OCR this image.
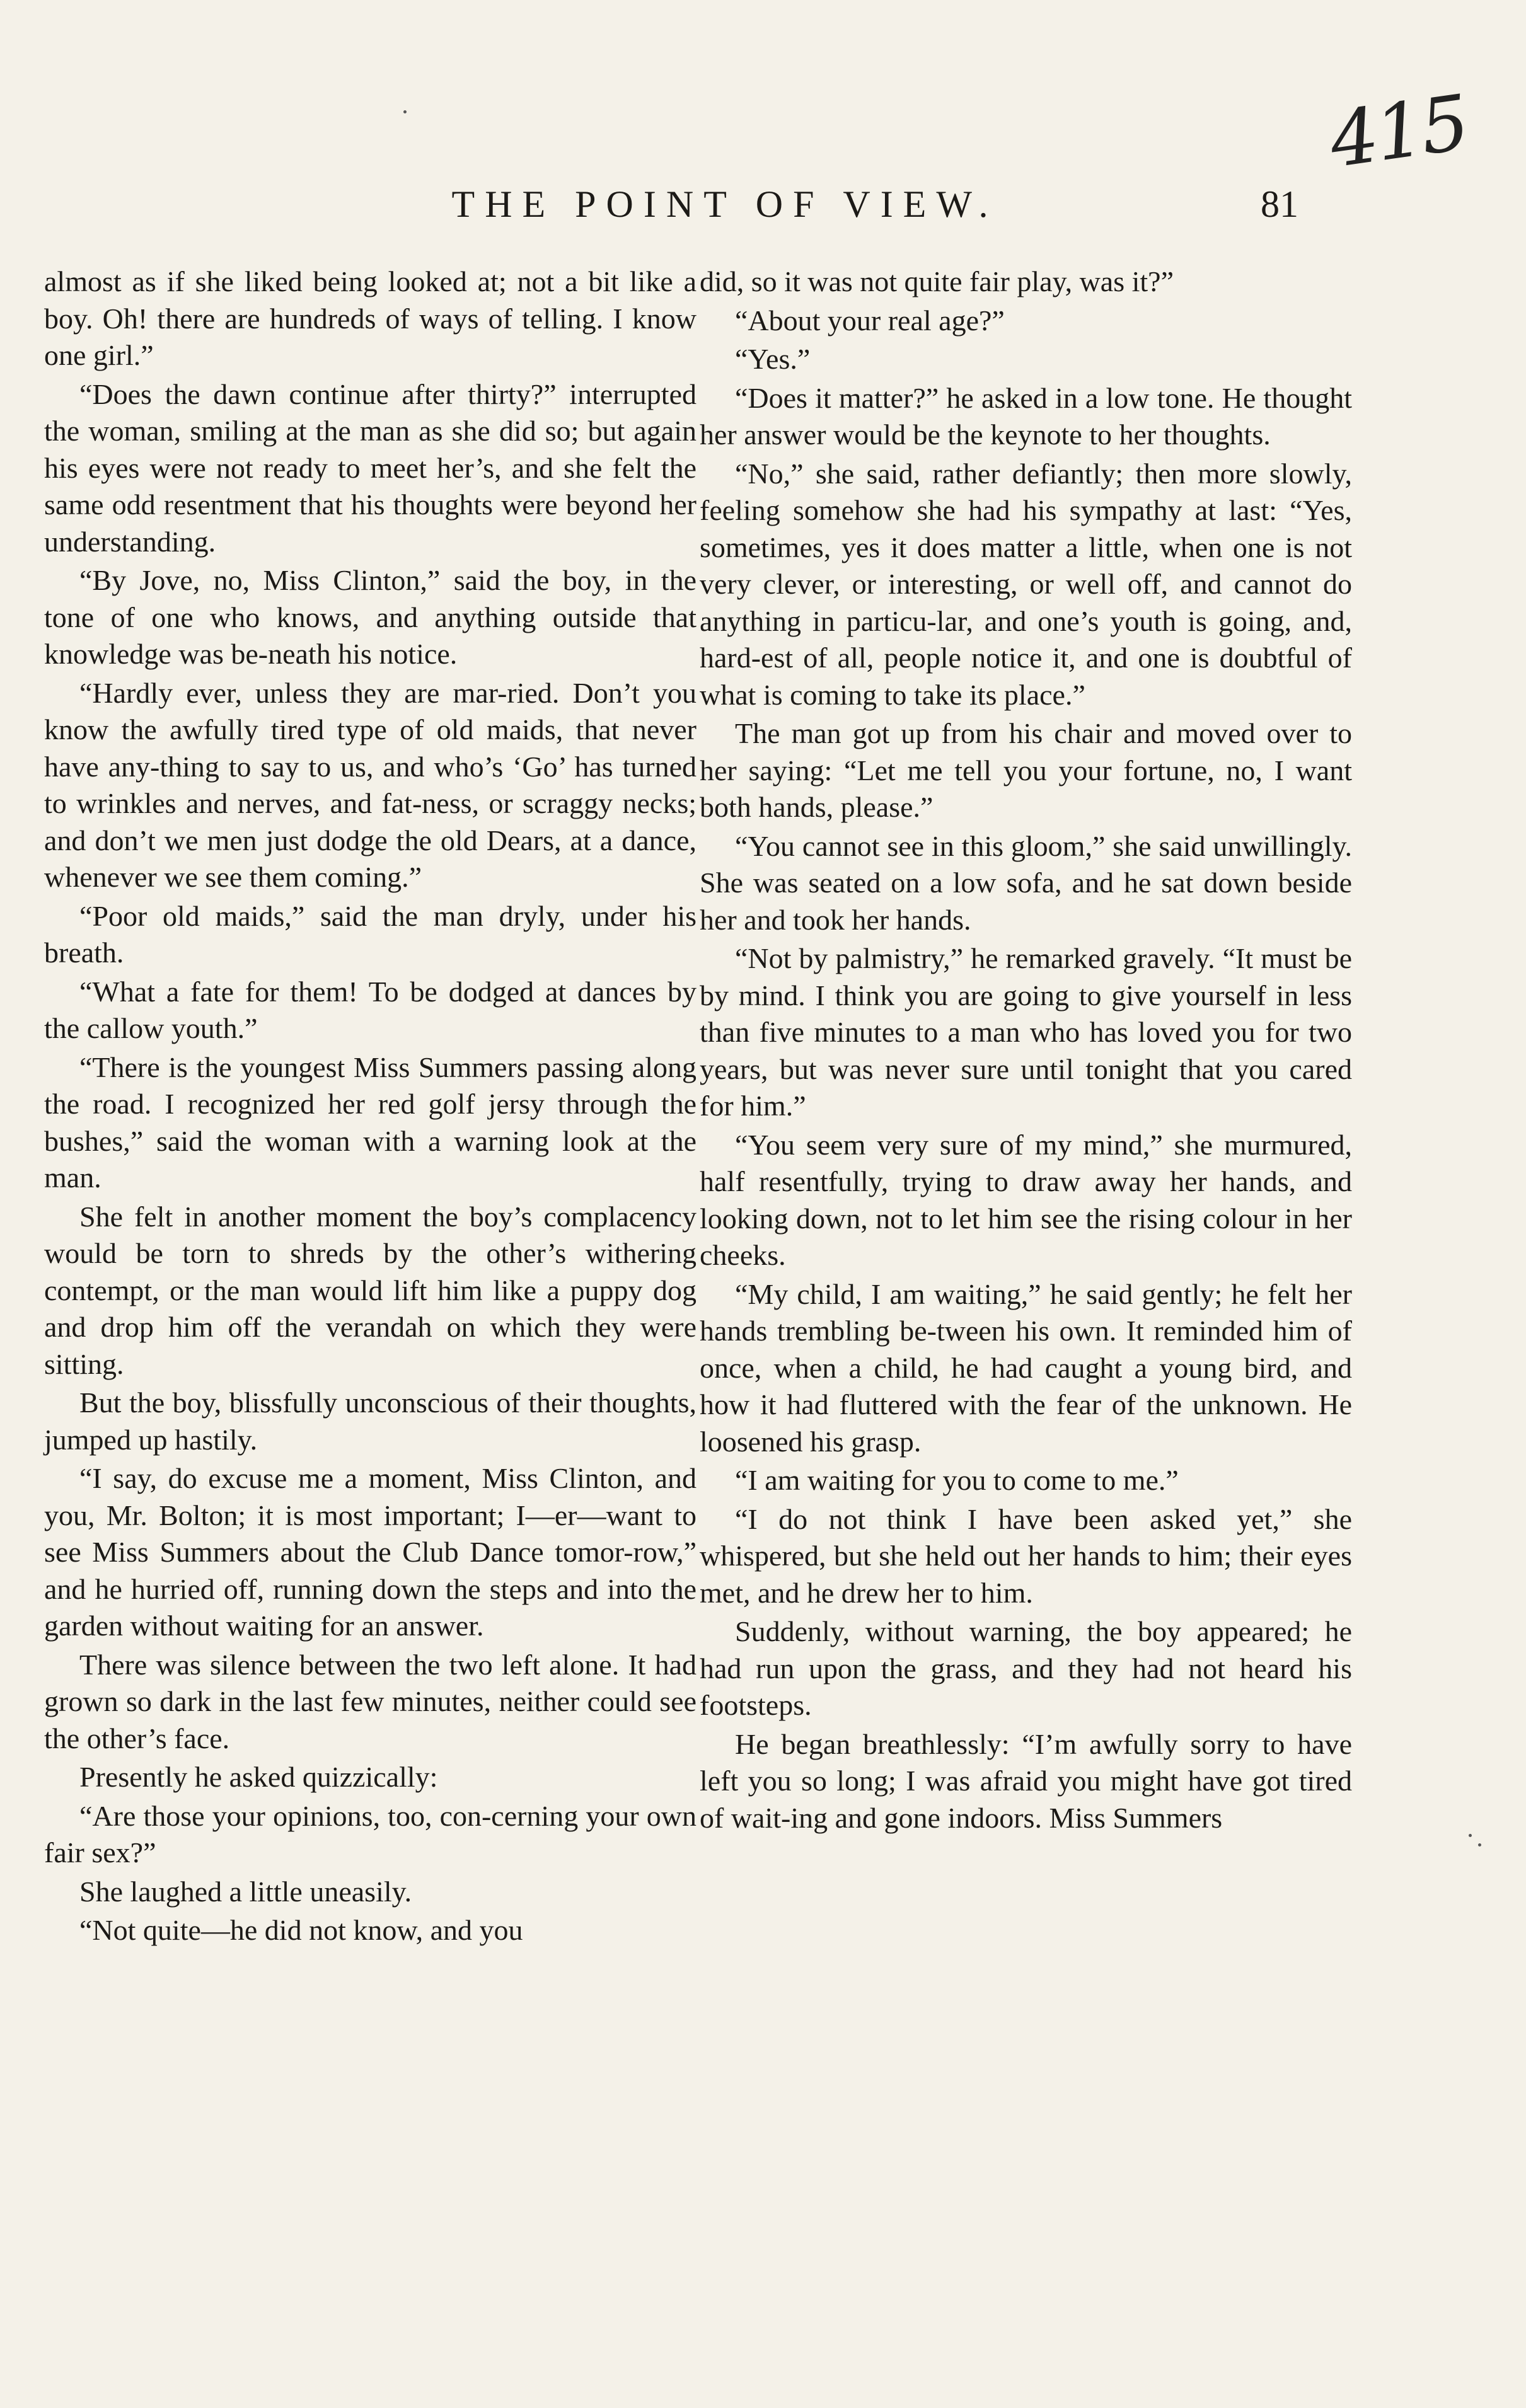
415
THE POINT OF VIEW.	81

almost as if she liked being looked at; not a bit like a boy. Oh! there are hundreds of ways of telling. I know one girl.”

“Does the dawn continue after thirty?” interrupted the woman, smiling at the man as she did so; but again his eyes were not ready to meet her’s, and she felt the same odd resentment that his thoughts were beyond her understanding.

“By Jove, no, Miss Clinton,” said the boy, in the tone of one who knows, and anything outside that knowledge was be-neath his notice.

“Hardly ever, unless they are mar-ried. Don’t you know the awfully tired type of old maids, that never have any-thing to say to us, and who’s ‘Go’ has turned to wrinkles and nerves, and fat-ness, or scraggy necks; and don’t we men just dodge the old Dears, at a dance, whenever we see them coming.”

“Poor old maids,” said the man dryly, under his breath.

“What a fate for them! To be dodged at dances by the callow youth.”

“There is the youngest Miss Summers passing along the road. I recognized her red golf jersy through the bushes,” said the woman with a warning look at the man.

She felt in another moment the boy’s complacency would be torn to shreds by the other’s withering contempt, or the man would lift him like a puppy dog and drop him off the verandah on which they were sitting.

But the boy, blissfully unconscious of their thoughts, jumped up hastily.

“I say, do excuse me a moment, Miss Clinton, and you, Mr. Bolton; it is most important; I—er—want to see Miss Summers about the Club Dance tomor-row,” and he hurried off, running down the steps and into the garden without waiting for an answer.

There was silence between the two left alone. It had grown so dark in the last few minutes, neither could see the other’s face.

Presently he asked quizzically:

“Are those your opinions, too, con-cerning your own fair sex?”

She laughed a little uneasily.

“Not quite—he did not know, and you

did, so it was not quite fair play, was it?”

“About your real age?”

“Yes.”

“Does it matter?” he asked in a low tone. He thought her answer would be the keynote to her thoughts.

“No,” she said, rather defiantly; then more slowly, feeling somehow she had his sympathy at last: “Yes, sometimes, yes it does matter a little, when one is not very clever, or interesting, or well off, and cannot do anything in particu-lar, and one’s youth is going, and, hard-est of all, people notice it, and one is doubtful of what is coming to take its place.”

The man got up from his chair and moved over to her saying: “Let me tell you your fortune, no, I want both hands, please.”

“You cannot see in this gloom,” she said unwillingly. She was seated on a low sofa, and he sat down beside her and took her hands.

“Not by palmistry,” he remarked gravely. “It must be by mind. I think you are going to give yourself in less than five minutes to a man who has loved you for two years, but was never sure until tonight that you cared for him.”

“You seem very sure of my mind,” she murmured, half resentfully, trying to draw away her hands, and looking down, not to let him see the rising colour in her cheeks.

“My child, I am waiting,” he said gently; he felt her hands trembling be-tween his own. It reminded him of once, when a child, he had caught a young bird, and how it had fluttered with the fear of the unknown. He loosened his grasp.

“I am waiting for you to come to me.”

“I do not think I have been asked yet,” she whispered, but she held out her hands to him; their eyes met, and he drew her to him.

Suddenly, without warning, the boy appeared; he had run upon the grass, and they had not heard his footsteps.

He began breathlessly: “I’m awfully sorry to have left you so long; I was afraid you might have got tired of wait-ing and gone indoors. Miss Summers
